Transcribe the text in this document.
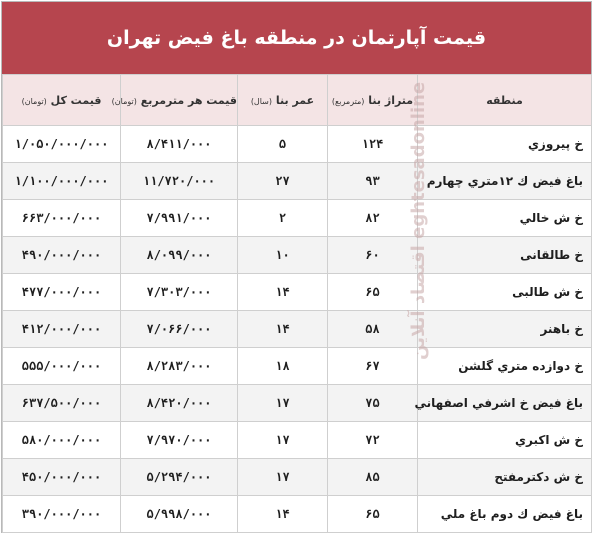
قیمت آپارتمان در منطقه باغ فیض تهران
منطقه	متراژ بنا (مترمربع)	عمر بنا (سال)	قیمت هر مترمربع (تومان)	قیمت کل (تومان)
خ پیروزي	۱۲۴	۵	۸/۴۱۱/۰۰۰	۱/۰۵۰/۰۰۰/۰۰۰
باغ فیض ك ۱۲متري چهارم	۹۳	۲۷	۱۱/۷۲۰/۰۰۰	۱/۱۰۰/۰۰۰/۰۰۰
خ ش خالي	۸۲	۲	۷/۹۹۱/۰۰۰	۶۶۳/۰۰۰/۰۰۰
خ طالقانی	۶۰	۱۰	۸/۰۹۹/۰۰۰	۴۹۰/۰۰۰/۰۰۰
خ ش طالبی	۶۵	۱۴	۷/۳۰۳/۰۰۰	۴۷۷/۰۰۰/۰۰۰
خ باهنر	۵۸	۱۴	۷/۰۶۶/۰۰۰	۴۱۲/۰۰۰/۰۰۰
خ دوازده متري گلشن	۶۷	۱۸	۸/۲۸۳/۰۰۰	۵۵۵/۰۰۰/۰۰۰
باغ فیض خ اشرفي اصفهاني	۷۵	۱۷	۸/۴۲۰/۰۰۰	۶۳۷/۵۰۰/۰۰۰
خ ش اکبري	۷۲	۱۷	۷/۹۷۰/۰۰۰	۵۸۰/۰۰۰/۰۰۰
خ ش دکترمفتح	۸۵	۱۷	۵/۲۹۴/۰۰۰	۴۵۰/۰۰۰/۰۰۰
باغ فیض ك دوم باغ ملي	۶۵	۱۴	۵/۹۹۸/۰۰۰	۳۹۰/۰۰۰/۰۰۰
اقتصاد آنلاین eghtesadonline
